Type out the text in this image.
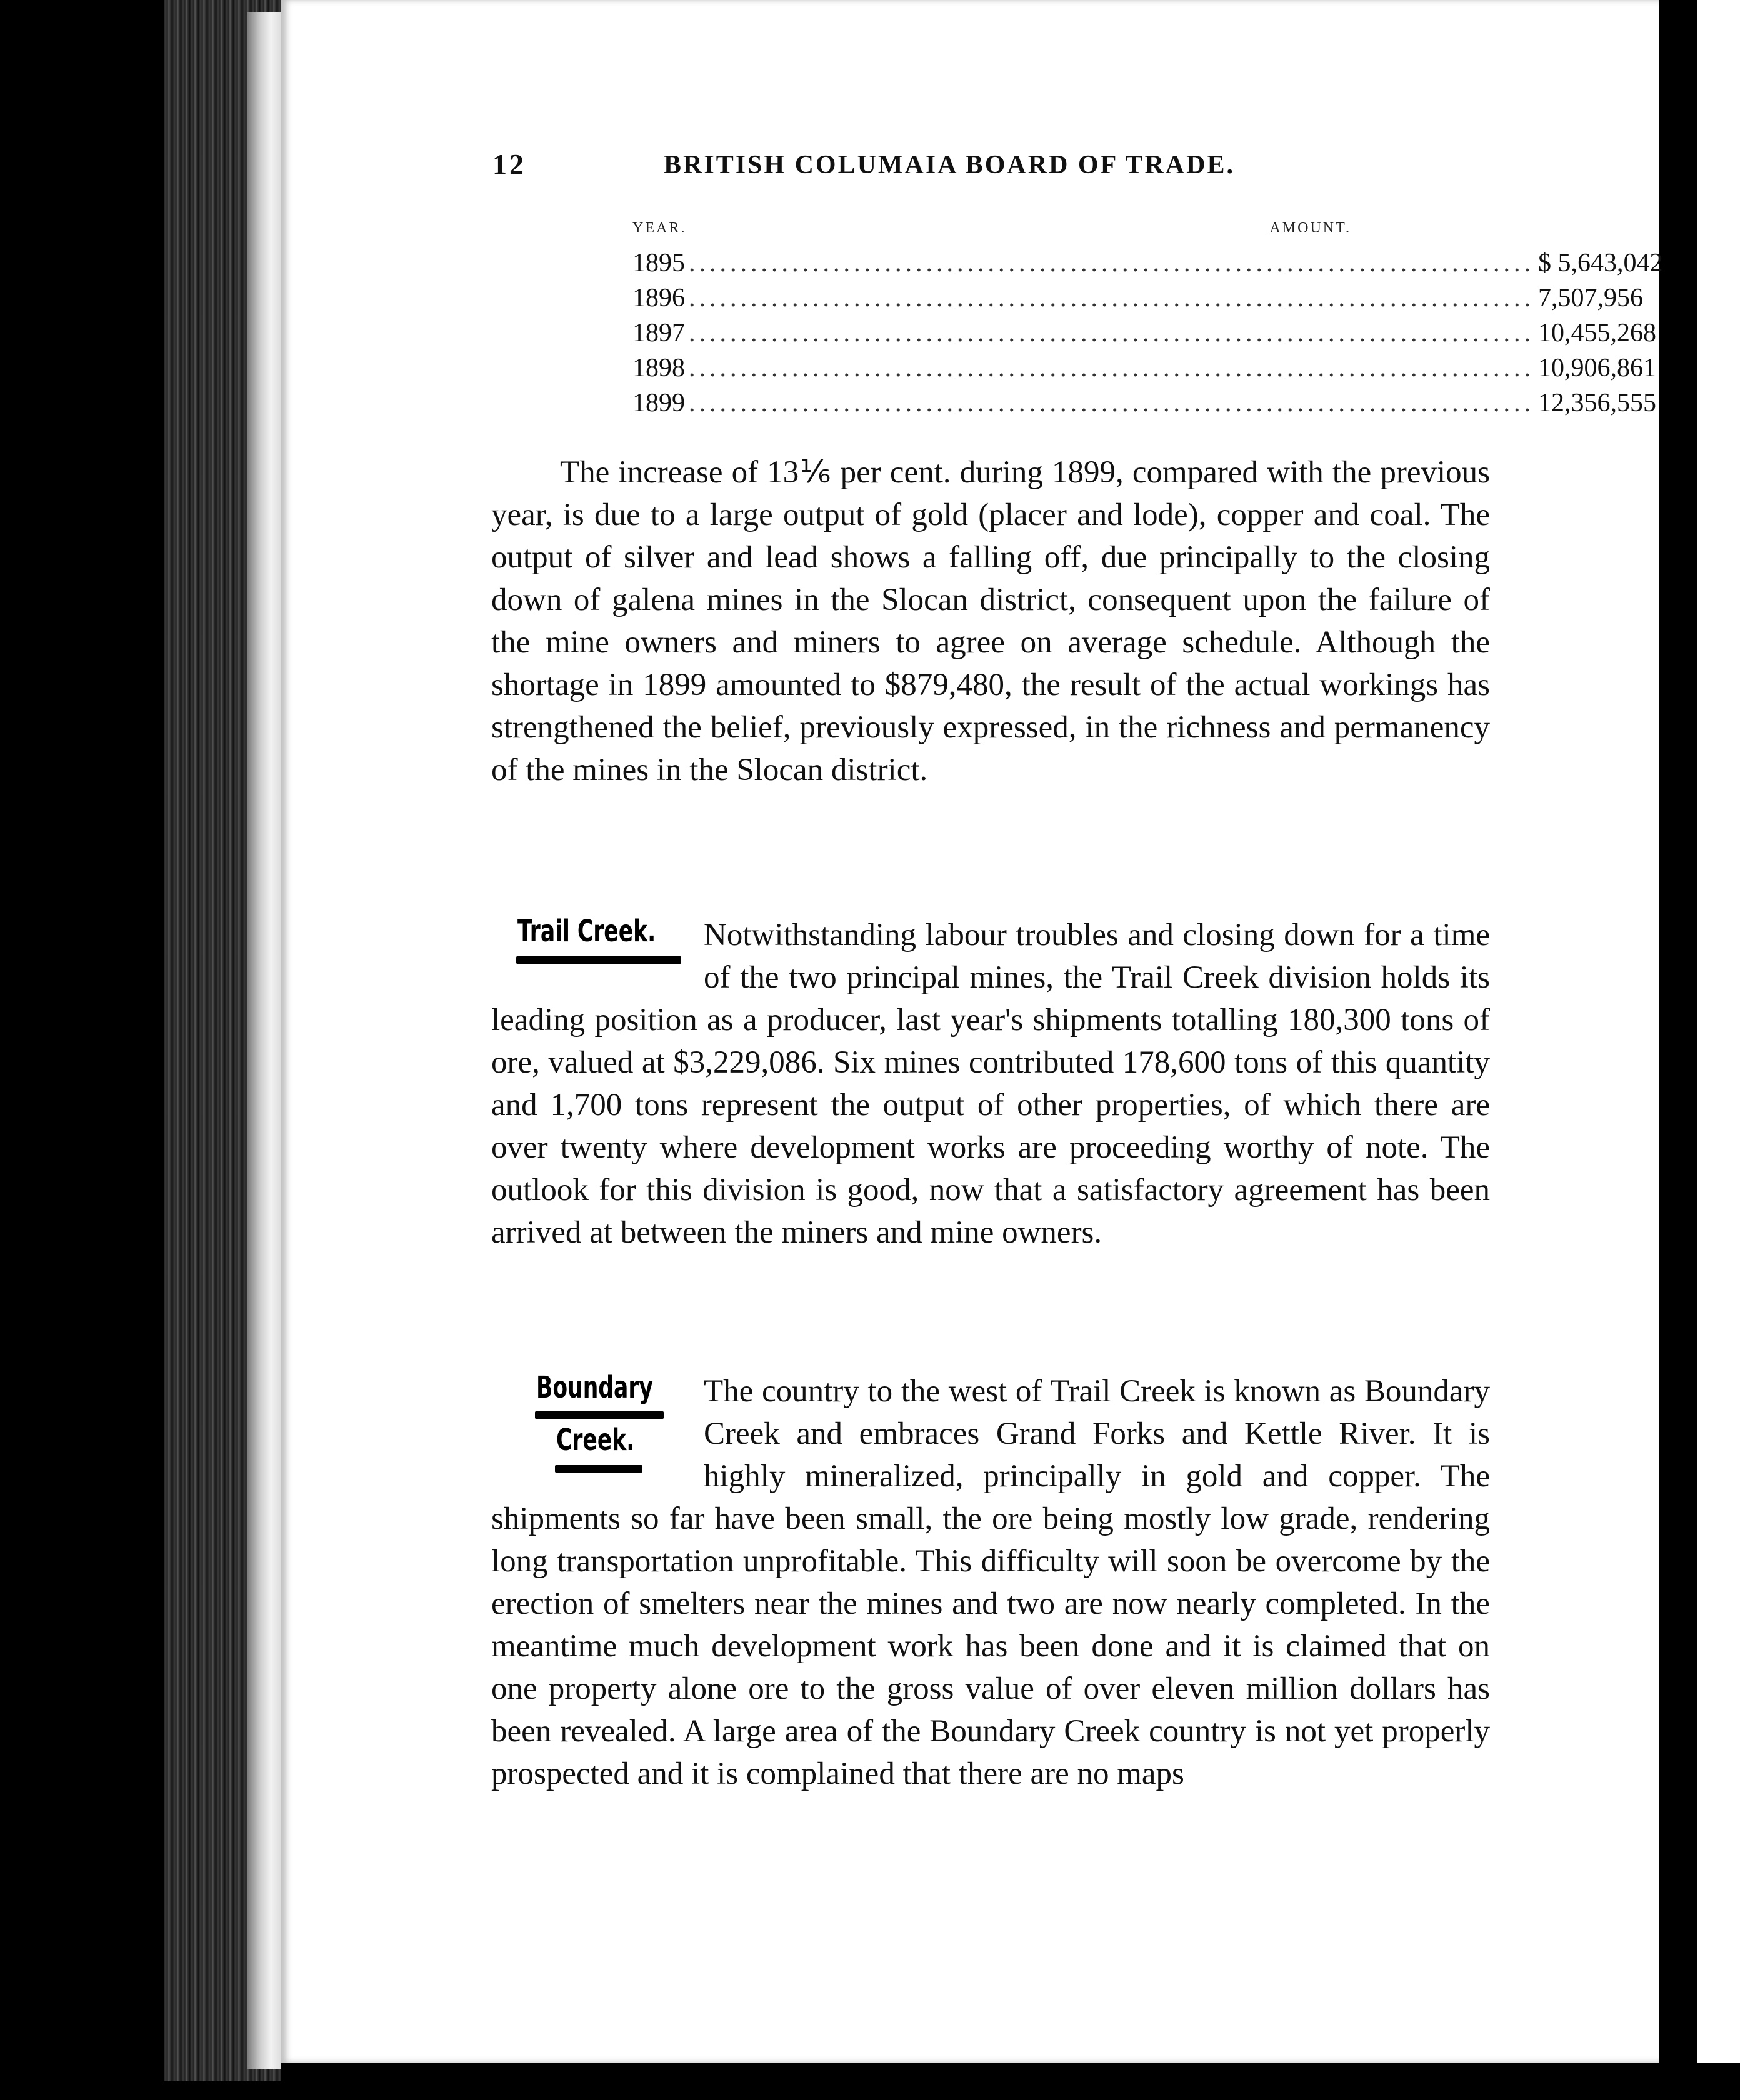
12	BRITISH COLUMAIA BOARD OF TRADE.
YEAR.	AMOUNT.
1895 .................................................................................. $ 5,643,042
1896 .................................................................................. 7,507,956
1897 .................................................................................. 10,455,268
1898 .................................................................................. 10,906,861
1899 .................................................................................. 12,356,555
The increase of 13⅙ per cent. during 1899, compared with the previous year, is due to a large output of gold (placer and lode), copper and coal. The output of silver and lead shows a falling off, due principally to the closing down of galena mines in the Slocan district, consequent upon the failure of the mine owners and miners to agree on average schedule. Although the shortage in 1899 amounted to $879,480, the result of the actual workings has strengthened the belief, previously expressed, in the richness and permanency of the mines in the Slocan district.
Trail Creek.	Notwithstanding labour troubles and closing down for a time of the two principal mines, the Trail Creek division holds its leading position as a producer, last year's shipments totalling 180,300 tons of ore, valued at $3,229,086. Six mines contributed 178,600 tons of this quantity and 1,700 tons represent the output of other properties, of which there are over twenty where development works are proceeding worthy of note. The outlook for this division is good, now that a satisfactory agreement has been arrived at between the miners and mine owners.
Boundary
Creek.
The country to the west of Trail Creek is known as Boundary Creek and embraces Grand Forks and Kettle River. It is highly mineralized, principally in gold and copper. The shipments so far have been small, the ore being mostly low grade, rendering long transportation unprofitable. This difficulty will soon be overcome by the erection of smelters near the mines and two are now nearly completed. In the meantime much development work has been done and it is claimed that on one property alone ore to the gross value of over eleven million dollars has been revealed. A large area of the Boundary Creek country is not yet properly prospected and it is complained that there are no maps
